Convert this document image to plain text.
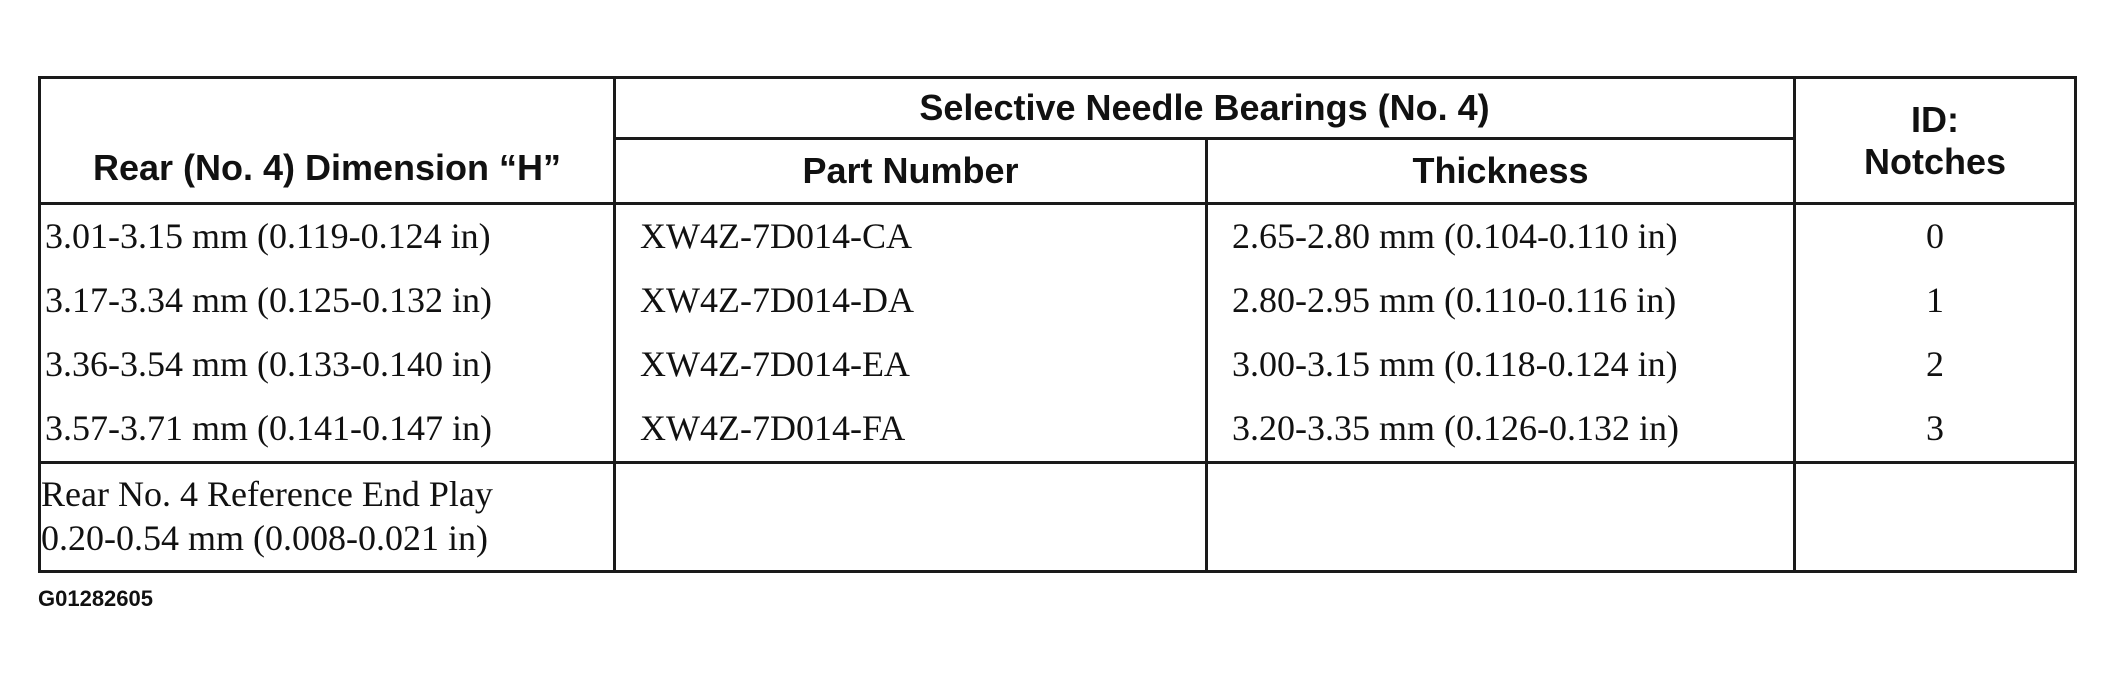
Rear (No. 4) Dimension “H”	Selective Needle Bearings (No. 4)		ID:
Notches

	Part Number	Thickness	
3.01-3.15 mm (0.119-0.124 in)	XW4Z-7D014-CA	2.65-2.80 mm (0.104-0.110 in)	0
3.17-3.34 mm (0.125-0.132 in)	XW4Z-7D014-DA	2.80-2.95 mm (0.110-0.116 in)	1
3.36-3.54 mm (0.133-0.140 in)	XW4Z-7D014-EA	3.00-3.15 mm (0.118-0.124 in)	2
3.57-3.71 mm (0.141-0.147 in)	XW4Z-7D014-FA	3.20-3.35 mm (0.126-0.132 in)	3

Rear No. 4 Reference End Play
0.20-0.54 mm (0.008-0.021 in)			

G01282605
